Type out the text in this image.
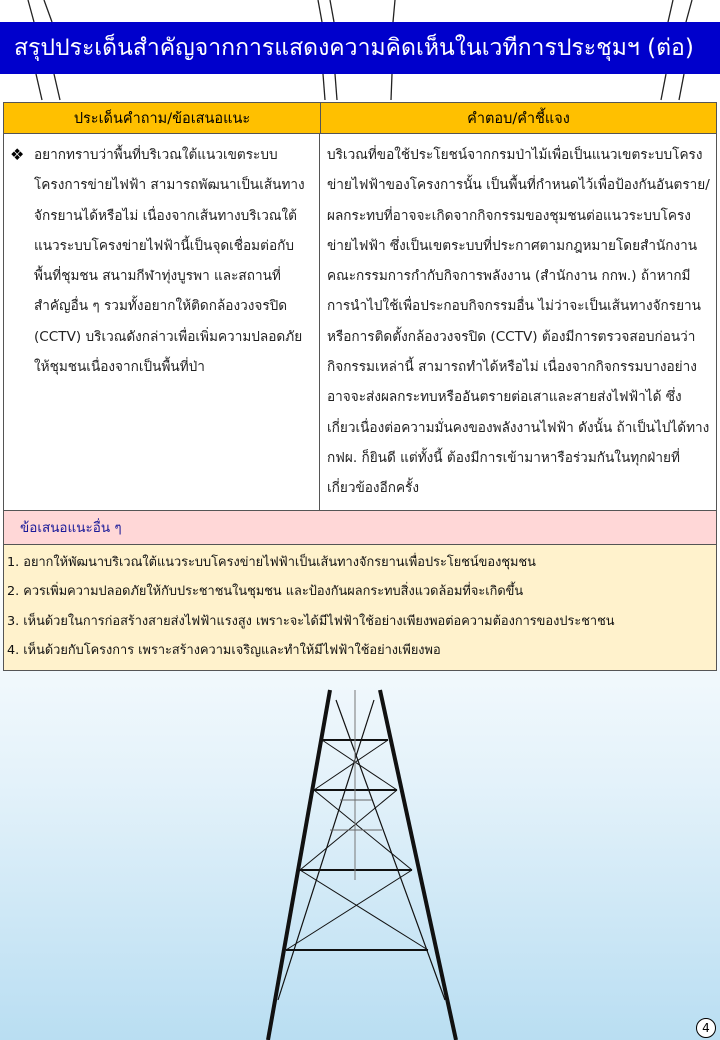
สรุปประเด็นสำคัญจากการแสดงความคิดเห็นในเวทีการประชุมฯ (ต่อ)
ประเด็นคำถาม/ข้อเสนอแนะ	คำตอบ/คำชี้แจง
❖ อยากทราบว่าพื้นที่บริเวณใต้แนวเขตระบบโครงการข่ายไฟฟ้า สามารถพัฒนาเป็นเส้นทางจักรยานได้หรือไม่ เนื่องจากเส้นทางบริเวณใต้แนวระบบโครงข่ายไฟฟ้านี้เป็นจุดเชื่อมต่อกับพื้นที่ชุมชน สนามกีฬาทุ่งบูรพา และสถานที่สำคัญอื่น ๆ รวมทั้งอยากให้ติดกล้องวงจรปิด (CCTV) บริเวณดังกล่าวเพื่อเพิ่มความปลอดภัยให้ชุมชนเนื่องจากเป็นพื้นที่ป่า
บริเวณที่ขอใช้ประโยชน์จากกรมป่าไม้เพื่อเป็นแนวเขตระบบโครงข่ายไฟฟ้าของโครงการนั้น เป็นพื้นที่กำหนดไว้เพื่อป้องกันอันตราย/ผลกระทบที่อาจจะเกิดจากกิจกรรมของชุมชนต่อแนวระบบโครงข่ายไฟฟ้า ซึ่งเป็นเขตระบบที่ประกาศตามกฎหมายโดยสำนักงานคณะกรรมการกำกับกิจการพลังงาน (สำนักงาน กกพ.) ถ้าหากมีการนำไปใช้เพื่อประกอบกิจกรรมอื่น ไม่ว่าจะเป็นเส้นทางจักรยานหรือการติดตั้งกล้องวงจรปิด (CCTV) ต้องมีการตรวจสอบก่อนว่ากิจกรรมเหล่านี้ สามารถทำได้หรือไม่ เนื่องจากกิจกรรมบางอย่างอาจจะส่งผลกระทบหรืออันตรายต่อเสาและสายส่งไฟฟ้าได้ ซึ่งเกี่ยวเนื่องต่อความมั่นคงของพลังงานไฟฟ้า ดังนั้น ถ้าเป็นไปได้ทาง กฟผ. ก็ยินดี แต่ทั้งนี้ ต้องมีการเข้ามาหารือร่วมกันในทุกฝ่ายที่เกี่ยวข้องอีกครั้ง
ข้อเสนอแนะอื่น ๆ
1. อยากให้พัฒนาบริเวณใต้แนวระบบโครงข่ายไฟฟ้าเป็นเส้นทางจักรยานเพื่อประโยชน์ของชุมชน
2. ควรเพิ่มความปลอดภัยให้กับประชาชนในชุมชน และป้องกันผลกระทบสิ่งแวดล้อมที่จะเกิดขึ้น
3. เห็นด้วยในการก่อสร้างสายส่งไฟฟ้าแรงสูง เพราะจะได้มีไฟฟ้าใช้อย่างเพียงพอต่อความต้องการของประชาชน
4. เห็นด้วยกับโครงการ เพราะสร้างความเจริญและทำให้มีไฟฟ้าใช้อย่างเพียงพอ
4
